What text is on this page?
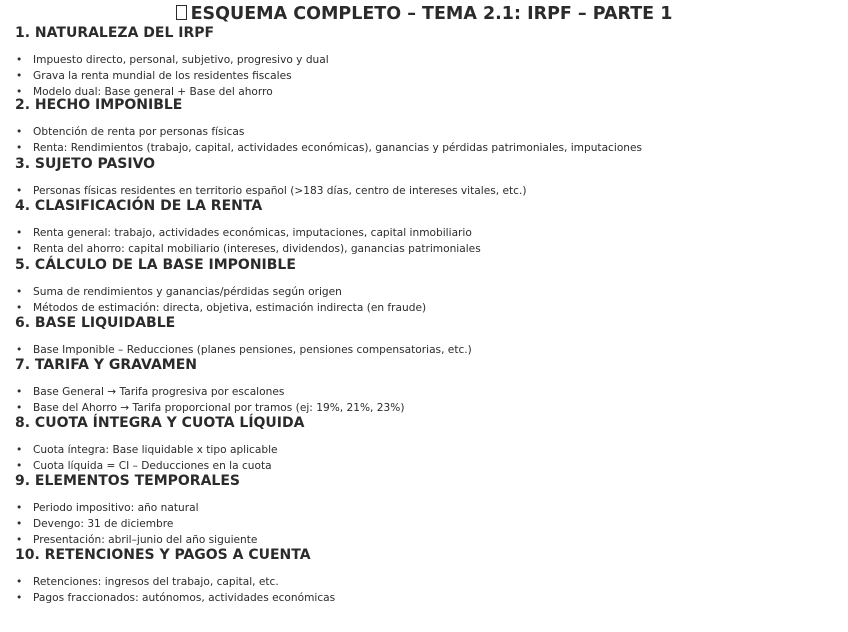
ESQUEMA COMPLETO – TEMA 2.1: IRPF – PARTE 1
1. NATURALEZA DEL IRPF
• Impuesto directo, personal, subjetivo, progresivo y dual
• Grava la renta mundial de los residentes fiscales
• Modelo dual: Base general + Base del ahorro
2. HECHO IMPONIBLE
• Obtención de renta por personas físicas
• Renta: Rendimientos (trabajo, capital, actividades económicas), ganancias y pérdidas patrimoniales, imputaciones
3. SUJETO PASIVO
• Personas físicas residentes en territorio español (>183 días, centro de intereses vitales, etc.)
4. CLASIFICACIÓN DE LA RENTA
• Renta general: trabajo, actividades económicas, imputaciones, capital inmobiliario
• Renta del ahorro: capital mobiliario (intereses, dividendos), ganancias patrimoniales
5. CÁLCULO DE LA BASE IMPONIBLE
• Suma de rendimientos y ganancias/pérdidas según origen
• Métodos de estimación: directa, objetiva, estimación indirecta (en fraude)
6. BASE LIQUIDABLE
• Base Imponible – Reducciones (planes pensiones, pensiones compensatorias, etc.)
7. TARIFA Y GRAVAMEN
• Base General → Tarifa progresiva por escalones
• Base del Ahorro → Tarifa proporcional por tramos (ej: 19%, 21%, 23%)
8. CUOTA ÍNTEGRA Y CUOTA LÍQUIDA
• Cuota íntegra: Base liquidable x tipo aplicable
• Cuota líquida = CI – Deducciones en la cuota
9. ELEMENTOS TEMPORALES
• Periodo impositivo: año natural
• Devengo: 31 de diciembre
• Presentación: abril–junio del año siguiente
10. RETENCIONES Y PAGOS A CUENTA
• Retenciones: ingresos del trabajo, capital, etc.
• Pagos fraccionados: autónomos, actividades económicas
